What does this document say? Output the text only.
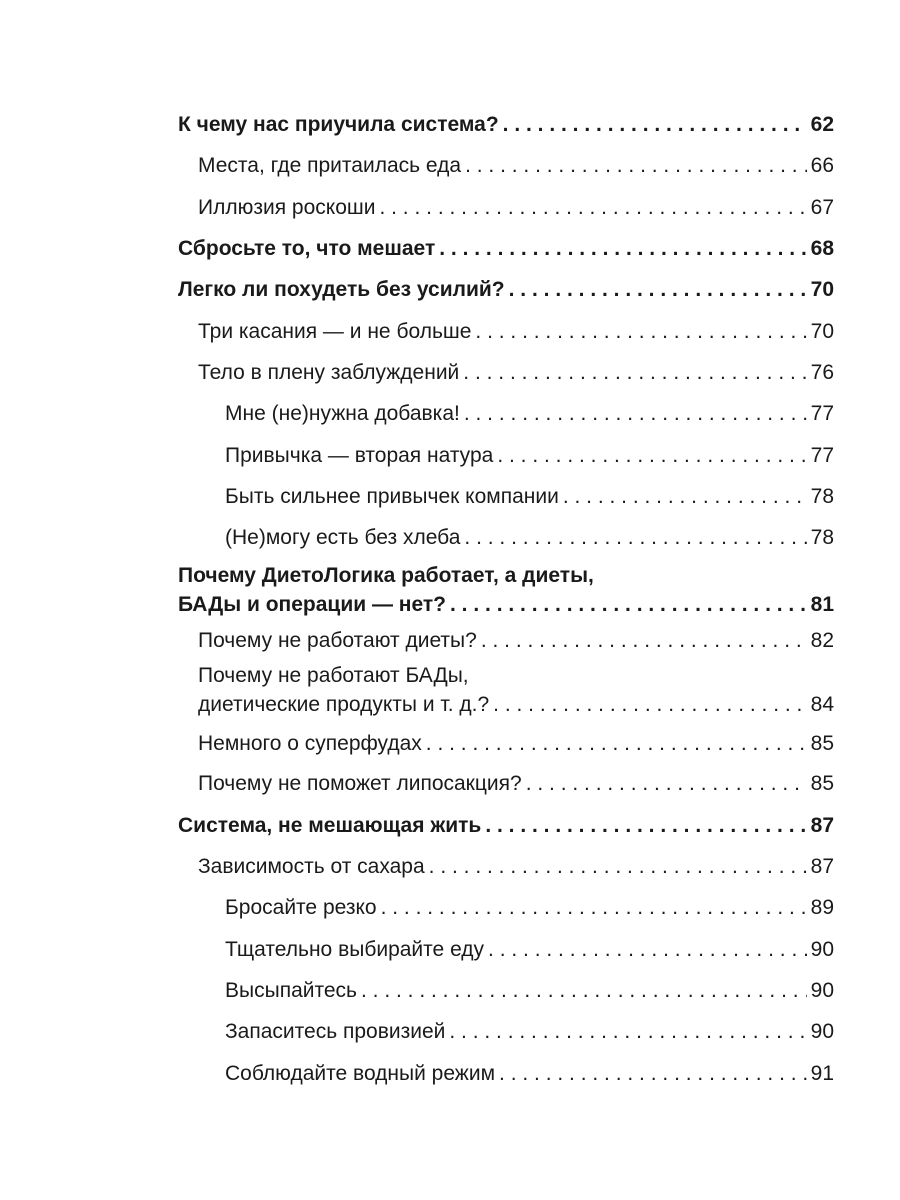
К чему нас приучила система? . . .	62
Места, где притаилась еда . . .	66
Иллюзия роскоши . . .	67
Сбросьте то, что мешает . . .	68
Легко ли похудеть без усилий? . . .	70
Три касания — и не больше . . .	70
Тело в плену заблуждений . . .	76
Мне (не)нужна добавка! . . .	77
Привычка — вторая натура . . .	77
Быть сильнее привычек компании . . .	78
(Не)могу есть без хлеба . . .	78
Почему ДиетоЛогика работает, а диеты,
БАДы и операции — нет? . . .	81
Почему не работают диеты? . . .	82
Почему не работают БАДы,
диетические продукты и т. д.? . . .	84
Немного о суперфудах . . .	85
Почему не поможет липосакция? . . .	85
Система, не мешающая жить . . .	87
Зависимость от сахара . . .	87
Бросайте резко . . .	89
Тщательно выбирайте еду . . .	90
Высыпайтесь . . .	90
Запаситесь провизией . . .	90
Соблюдайте водный режим . . .	91
